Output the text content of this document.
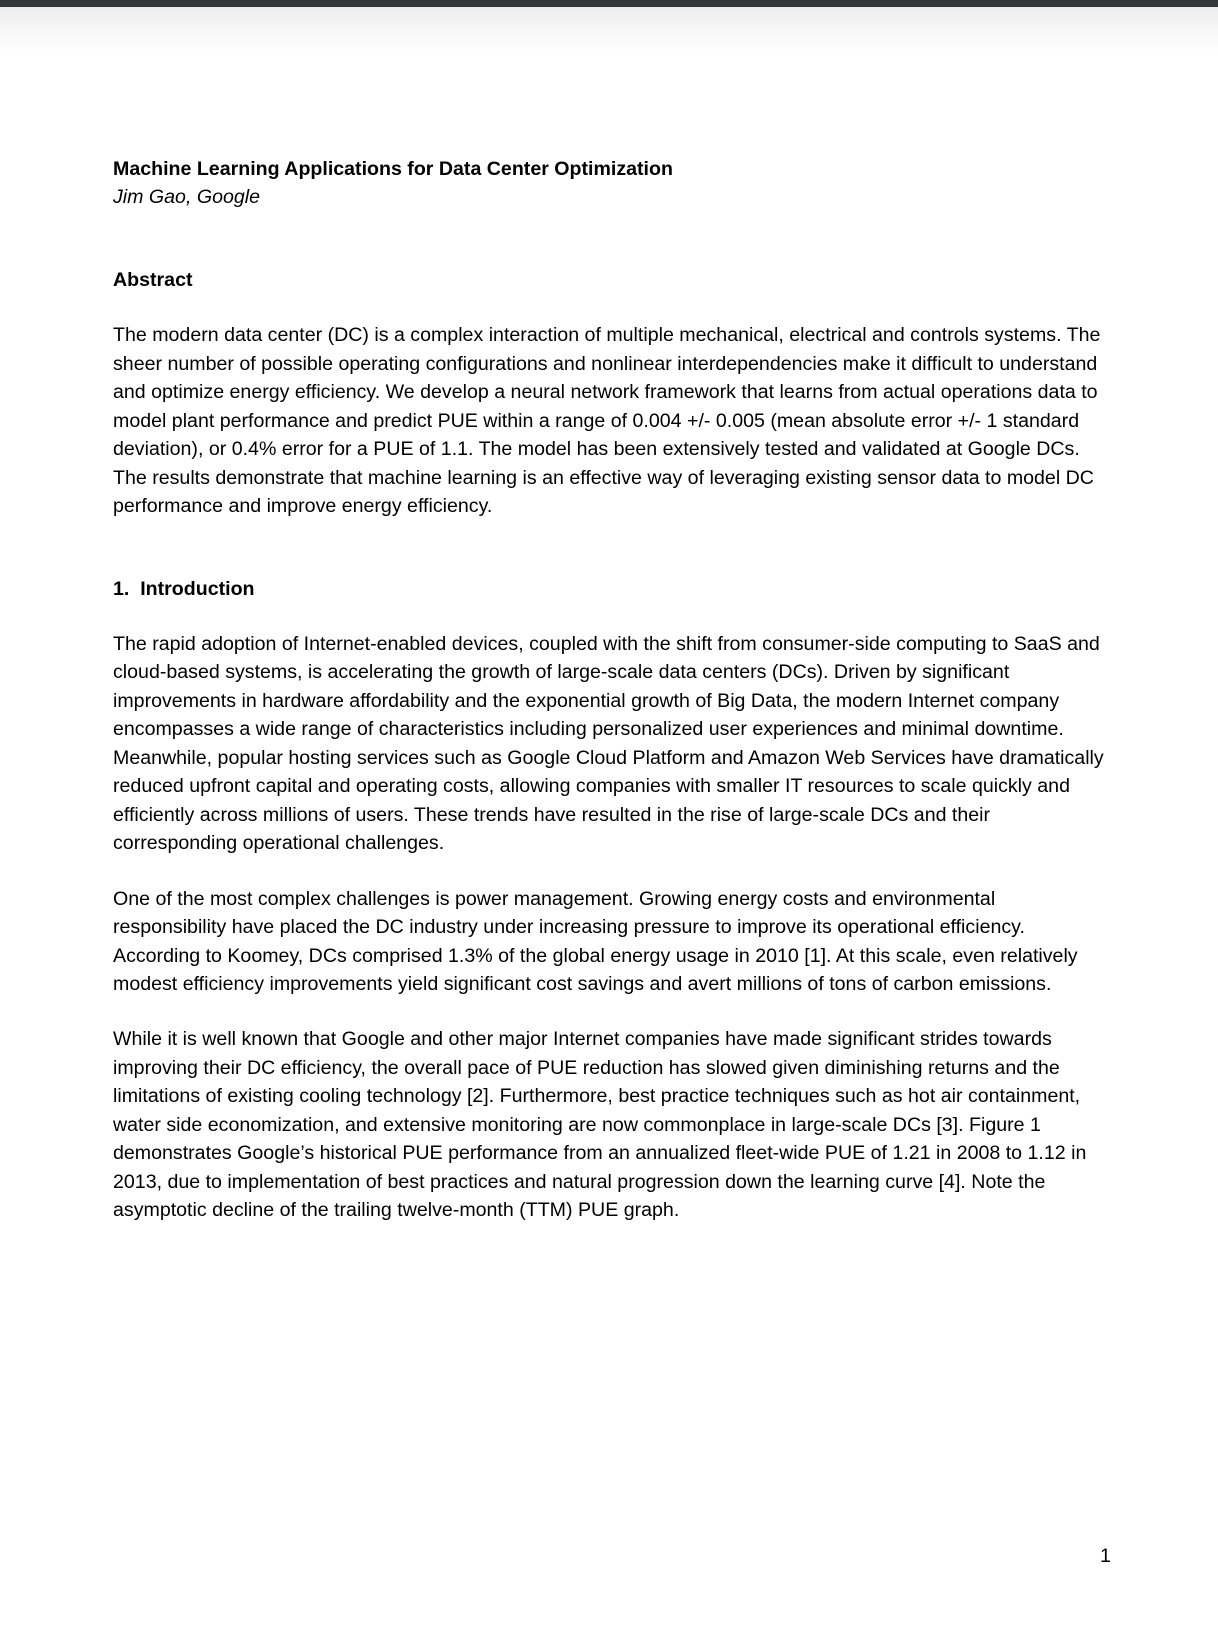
Machine Learning Applications for Data Center Optimization
Jim Gao, Google
Abstract

The modern data center (DC) is a complex interaction of multiple mechanical, electrical and controls systems. The sheer number of possible operating configurations and nonlinear interdependencies make it difficult to understand and optimize energy efficiency. We develop a neural network framework that learns from actual operations data to model plant performance and predict PUE within a range of 0.004 +/- 0.005 (mean absolute error +/- 1 standard deviation), or 0.4% error for a PUE of 1.1. The model has been extensively tested and validated at Google DCs. The results demonstrate that machine learning is an effective way of leveraging existing sensor data to model DC performance and improve energy efficiency.

1.  Introduction

The rapid adoption of Internet-enabled devices, coupled with the shift from consumer-side computing to SaaS and cloud-based systems, is accelerating the growth of large-scale data centers (DCs). Driven by significant improvements in hardware affordability and the exponential growth of Big Data, the modern Internet company encompasses a wide range of characteristics including personalized user experiences and minimal downtime. Meanwhile, popular hosting services such as Google Cloud Platform and Amazon Web Services have dramatically reduced upfront capital and operating costs, allowing companies with smaller IT resources to scale quickly and efficiently across millions of users. These trends have resulted in the rise of large-scale DCs and their corresponding operational challenges.

One of the most complex challenges is power management. Growing energy costs and environmental responsibility have placed the DC industry under increasing pressure to improve its operational efficiency. According to Koomey, DCs comprised 1.3% of the global energy usage in 2010 [1]. At this scale, even relatively modest efficiency improvements yield significant cost savings and avert millions of tons of carbon emissions.

While it is well known that Google and other major Internet companies have made significant strides towards improving their DC efficiency, the overall pace of PUE reduction has slowed given diminishing returns and the limitations of existing cooling technology [2]. Furthermore, best practice techniques such as hot air containment, water side economization, and extensive monitoring are now commonplace in large-scale DCs [3]. Figure 1 demonstrates Google’s historical PUE performance from an annualized fleet-wide PUE of 1.21 in 2008 to 1.12 in 2013, due to implementation of best practices and natural progression down the learning curve [4]. Note the asymptotic decline of the trailing twelve-month (TTM) PUE graph.

1
